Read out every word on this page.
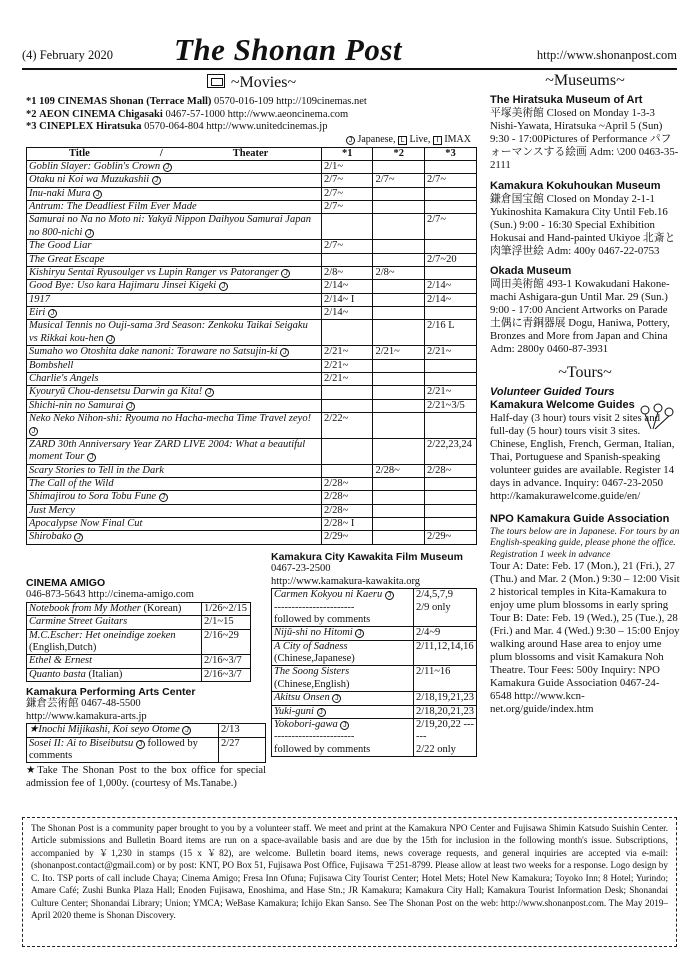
(4) February 2020 The Shonan Post	http://www.shonanpost.com
~Movies~
*1 109 CINEMAS Shonan (Terrace Mall) 0570-016-109 http://109cinemas.net
*2 AEON CINEMA Chigasaki 0467-57-1000 http://www.aeoncinema.com
*3 CINEPLEX Hiratsuka 0570-064-804 http://www.unitedcinemas.jp
J Japanese, L Live, I IMAX
Title / Theater	*1	*2	*3
Goblin Slayer: Goblin's Crown J	2/1~		
Otaku ni Koi wa Muzukashii J	2/7~	2/7~	2/7~
Inu-naki Mura J	2/7~		
Antrum: The Deadliest Film Ever Made	2/7~		
Samurai no Na no Moto ni: Yakyū Nippon Daihyou Samurai Japan no 800-nichi J			2/7~
The Good Liar	2/7~		
The Great Escape			2/7~20
Kishiryu Sentai Ryusoulger vs Lupin Ranger vs Patoranger J	2/8~	2/8~	
Good Bye: Uso kara Hajimaru Jinsei Kigeki J	2/14~		2/14~
1917	2/14~ I		2/14~
Eiri J	2/14~		
Musical Tennis no Ouji-sama 3rd Season: Zenkoku Taikai Seigaku vs Rikkai kou-hen J			2/16 L
Sumaho wo Otoshita dake nanoni: Toraware no Satsujin-ki J	2/21~	2/21~	2/21~
Bombshell	2/21~		
Charlie's Angels	2/21~		
Kyouryū Chou-densetsu Darwin ga Kita! J			2/21~
Shichi-nin no Samurai J			2/21~3/5
Neko Neko Nihon-shi: Ryouma no Hacha-mecha Time Travel zeyo! J	2/22~		
ZARD 30th Anniversary Year ZARD LIVE 2004: What a beautiful moment Tour J			2/22,23,24
Scary Stories to Tell in the Dark		2/28~	2/28~
The Call of the Wild	2/28~		
Shimajirou to Sora Tobu Fune J	2/28~		
Just Mercy	2/28~		
Apocalypse Now Final Cut	2/28~ I		
Shirobako J	2/29~		2/29~
CINEMA AMIGO
046-873-5643 http://cinema-amigo.com
Notebook from My Mother (Korean)	1/26~2/15
Carmine Street Guitars	2/1~15
M.C.Escher: Het oneindige zoeken (English,Dutch)	2/16~29
Ethel & Ernest	2/16~3/7
Quanto basta (Italian)	2/16~3/7
Kamakura Performing Arts Center
鎌倉芸術館 0467-48-5500
http://www.kamakura-arts.jp
★Inochi Mijikashi, Koi seyo Otome J	2/13
Sosei II: Ai to Biseibutsu J followed by comments	2/27
★Take The Shonan Post to the box office for special admission fee of 1,000y. (courtesy of Ms.Tanabe.)
Kamakura City Kawakita Film Museum
0467-23-2500
http://www.kamakura-kawakita.org
Carmen Kokyou ni Kaeru J
-----------------------
followed by comments	2/4,5,7,9
2/9 only
Nijū-shi no Hitomi J	2/4~9
A City of Sadness
(Chinese,Japanese)	2/11,12,14,16
The Soong Sisters
(Chinese,English)	2/11~16
Akitsu Onsen J	2/18,19,21,23
Yuki-guni J	2/18,20,21,23
Yokobori-gawa J
-----------------------
followed by comments	2/19,20,22 ------
2/22 only
~Museums~
The Hiratsuka Museum of Art

平塚美術館 Closed on Monday 1-3-3 Nishi-Yawata, Hiratsuka ~April 5 (Sun) 9:30 - 17:00Pictures of Performance パフォーマンスする絵画 Adm: \200 0463-35-2111

Kamakura Kokuhoukan Museum

鎌倉国宝館 Closed on Monday 2-1-1 Yukinoshita Kamakura City Until Feb.16 (Sun.) 9:00 - 16:30 Special Exhibition Hokusai and Hand-painted Ukiyoe 北斎と肉筆浮世絵 Adm: 400y 0467-22-0753

Okada Museum

岡田美術館 493-1 Kowakudani Hakone-machi Ashigara-gun Until Mar. 29 (Sun.) 9:00 - 17:00 Ancient Artworks on Parade 土偶に青銅器展 Dogu, Haniwa, Pottery, Bronzes and More from Japan and China Adm: 2800y 0460-87-3931

~Tours~
Volunteer Guided Tours
Kamakura Welcome Guides

Half-day (3 hour) tours visit 2 sites and full-day (5 hour) tours visit 3 sites. Chinese, English, French, German, Italian, Thai, Portuguese and Spanish-speaking volunteer guides are available. Register 14 days in advance. Inquiry: 0467-23-2050 http://kamakurawelcome.guide/en/

NPO Kamakura Guide Association

The tours below are in Japanese. For tours by an English-speaking guide, please phone the office. Registration 1 week in advance

Tour A: Date: Feb. 17 (Mon.), 21 (Fri.), 27 (Thu.) and Mar. 2 (Mon.) 9:30 – 12:00 Visit 2 historical temples in Kita-Kamakura to enjoy ume plum blossoms in early spring Tour B: Date: Feb. 19 (Wed.), 25 (Tue.), 28 (Fri.) and Mar. 4 (Wed.) 9:30 – 15:00 Enjoy walking around Hase area to enjoy ume plum blossoms and visit Kamakura Noh Theatre. Tour Fees: 500y Inquiry: NPO Kamakura Guide Association 0467-24-6548 http://www.kcn-net.org/guide/index.htm

The Shonan Post is a community paper brought to you by a volunteer staff. We meet and print at the Kamakura NPO Center and Fujisawa Shimin Katsudo Suishin Center. Article submissions and Bulletin Board items are run on a space-available basis and are due by the 15th for inclusion in the following month's issue. Subscriptions, accompanied by ￥1,230 in stamps (15 x ￥82), are welcome. Bulletin board items, news coverage requests, and general inquiries are accepted via e-mail: (shonanpost.contact@gmail.com) or by post: KNT, PO Box 51, Fujisawa Post Office, Fujisawa 〒251-8799. Please allow at least two weeks for a response. Logo design by C. Ito. TSP ports of call include Chaya; Cinema Amigo; Fresa Inn Ofuna; Fujisawa City Tourist Center; Hotel Mets; Hotel New Kamakura; Toyoko Inn; 8 Hotel; Yurindo; Amare Café; Zushi Bunka Plaza Hall; Enoden Fujisawa, Enoshima, and Hase Stn.; JR Kamakura; Kamakura City Hall; Kamakura Tourist Information Desk; Shonandai Culture Center; Shonandai Library; Union; YMCA; WeBase Kamakura; Ichijo Ekan Sanso. See The Shonan Post on the web: http://www.shonanpost.com. The May 2019–April 2020 theme is Shonan Discovery.
